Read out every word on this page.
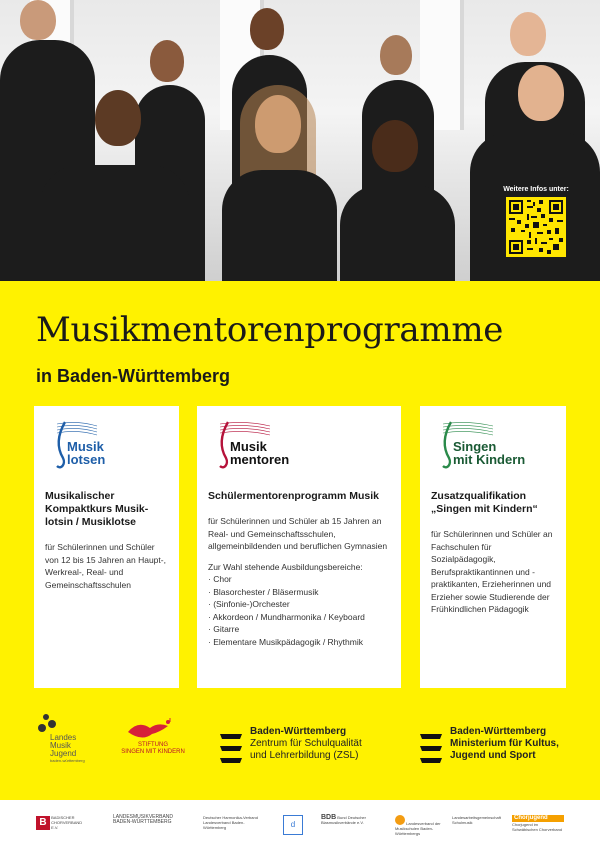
Weitere Infos unter:
Musikmentorenprogramme
in Baden-Württemberg
Musik
lotsen
Musikalischer Kompaktkurs Musiklotsin / Musiklotse

für Schülerinnen und Schüler von 12 bis 15 Jahren an Haupt-, Werkreal-, Real- und Gemeinschaftsschulen

Musik
mentoren
Schülermentorenprogramm Musik

für Schülerinnen und Schüler ab 15 Jahren an Real- und Gemeinschaftsschulen, allgemeinbildenden und beruflichen Gymnasien

Zur Wahl stehende Ausbildungsbereiche:

· Chor
· Blasorchester / Bläsermusik
· (Sinfonie-)Orchester
· Akkordeon / Mundharmonika / Keyboard
· Gitarre
· Elementare Musikpädagogik / Rhythmik
Singen
mit Kindern
Zusatzqualifikation „Singen mit Kindern“

für Schülerinnen und Schüler an Fachschulen für Sozialpädagogik, Berufspraktikantinnen und -praktikanten, Erzieherinnen und Erzieher sowie Studierende der Frühkindlichen Pädagogik

Landes
Musik
Jugend
baden-württemberg
STIFTUNG
SINGEN MIT KINDERN
Baden-Württemberg
Zentrum für Schulqualität
und Lehrerbildung (ZSL)
Baden-Württemberg
Ministerium für Kultus,
Jugend und Sport
B BADISCHER CHORVERBAND E.V.
LANDESMUSIKVERBAND BADEN-WÜRTTEMBERG
Deutscher Harmonika-Verband Landesverband Baden-Württemberg	d
BDB Bund Deutscher Blasmusikverbände e.V.	Landesverband der Musikschulen Baden-Württembergs
Landesarbeitsgemeinschaft Schulmusik
Chorjugend
Chorjugend im Schwäbischen Chorverband
